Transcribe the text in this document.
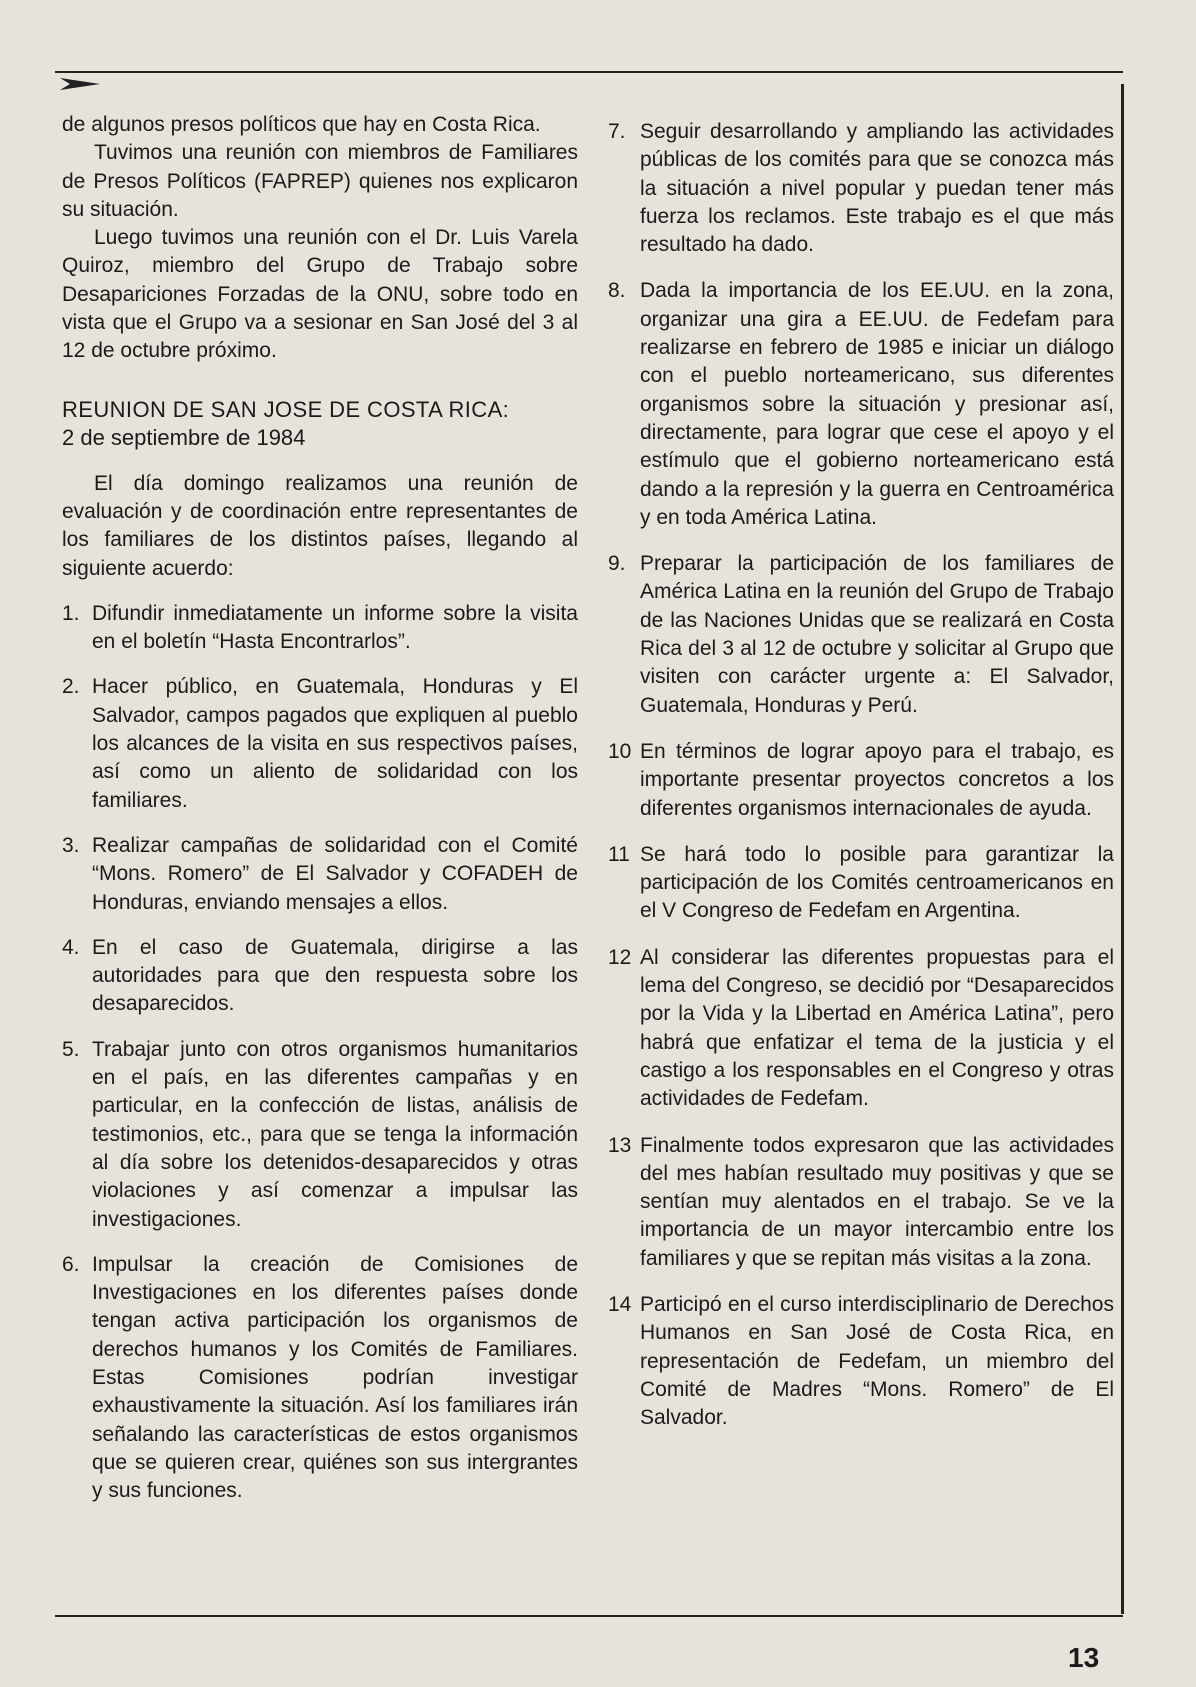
de algunos presos políticos que hay en Costa Rica.

Tuvimos una reunión con miembros de Familiares de Presos Políticos (FAPREP) quienes nos explicaron su situación.

Luego tuvimos una reunión con el Dr. Luis Varela Quiroz, miembro del Grupo de Trabajo sobre Desapariciones Forzadas de la ONU, sobre todo en vista que el Grupo va a sesionar en San José del 3 al 12 de octubre próximo.

REUNION DE SAN JOSE DE COSTA RICA:
2 de septiembre de 1984

El día domingo realizamos una reunión de evaluación y de coordinación entre representantes de los familiares de los distintos países, llegando al siguiente acuerdo:

1. Difundir inmediatamente un informe sobre la visita en el boletín “Hasta Encontrarlos”.
2. Hacer público, en Guatemala, Honduras y El Salvador, campos pagados que expliquen al pueblo los alcances de la visita en sus respectivos países, así como un aliento de solidaridad con los familiares.
3. Realizar campañas de solidaridad con el Comité “Mons. Romero” de El Salvador y COFADEH de Honduras, enviando mensajes a ellos.
4. En el caso de Guatemala, dirigirse a las autoridades para que den respuesta sobre los desaparecidos.
5. Trabajar junto con otros organismos humanitarios en el país, en las diferentes campañas y en particular, en la confección de listas, análisis de testimonios, etc., para que se tenga la información al día sobre los detenidos-desaparecidos y otras violaciones y así comenzar a impulsar las investigaciones.
6. Impulsar la creación de Comisiones de Investigaciones en los diferentes países donde tengan activa participación los organismos de derechos humanos y los Comités de Familiares. Estas Comisiones podrían investigar exhaustivamente la situación. Así los familiares irán señalando las características de estos organismos que se quieren crear, quiénes son sus intergrantes y sus funciones.
7. Seguir desarrollando y ampliando las actividades públicas de los comités para que se conozca más la situación a nivel popular y puedan tener más fuerza los reclamos. Este trabajo es el que más resultado ha dado.
8. Dada la importancia de los EE.UU. en la zona, organizar una gira a EE.UU. de Fedefam para realizarse en febrero de 1985 e iniciar un diálogo con el pueblo norteamericano, sus diferentes organismos sobre la situación y presionar así, directamente, para lograr que cese el apoyo y el estímulo que el gobierno norteamericano está dando a la represión y la guerra en Centroamérica y en toda América Latina.
9. Preparar la participación de los familiares de América Latina en la reunión del Grupo de Trabajo de las Naciones Unidas que se realizará en Costa Rica del 3 al 12 de octubre y solicitar al Grupo que visiten con carácter urgente a: El Salvador, Guatemala, Honduras y Perú.
10 En términos de lograr apoyo para el trabajo, es importante presentar proyectos concretos a los diferentes organismos internacionales de ayuda.
11 Se hará todo lo posible para garantizar la participación de los Comités centroamericanos en el V Congreso de Fedefam en Argentina.
12 Al considerar las diferentes propuestas para el lema del Congreso, se decidió por “Desaparecidos por la Vida y la Libertad en América Latina”, pero habrá que enfatizar el tema de la justicia y el castigo a los responsables en el Congreso y otras actividades de Fedefam.
13 Finalmente todos expresaron que las actividades del mes habían resultado muy positivas y que se sentían muy alentados en el trabajo. Se ve la importancia de un mayor intercambio entre los familiares y que se repitan más visitas a la zona.
14 Participó en el curso interdisciplinario de Derechos Humanos en San José de Costa Rica, en representación de Fedefam, un miembro del Comité de Madres “Mons. Romero” de El Salvador.
13
